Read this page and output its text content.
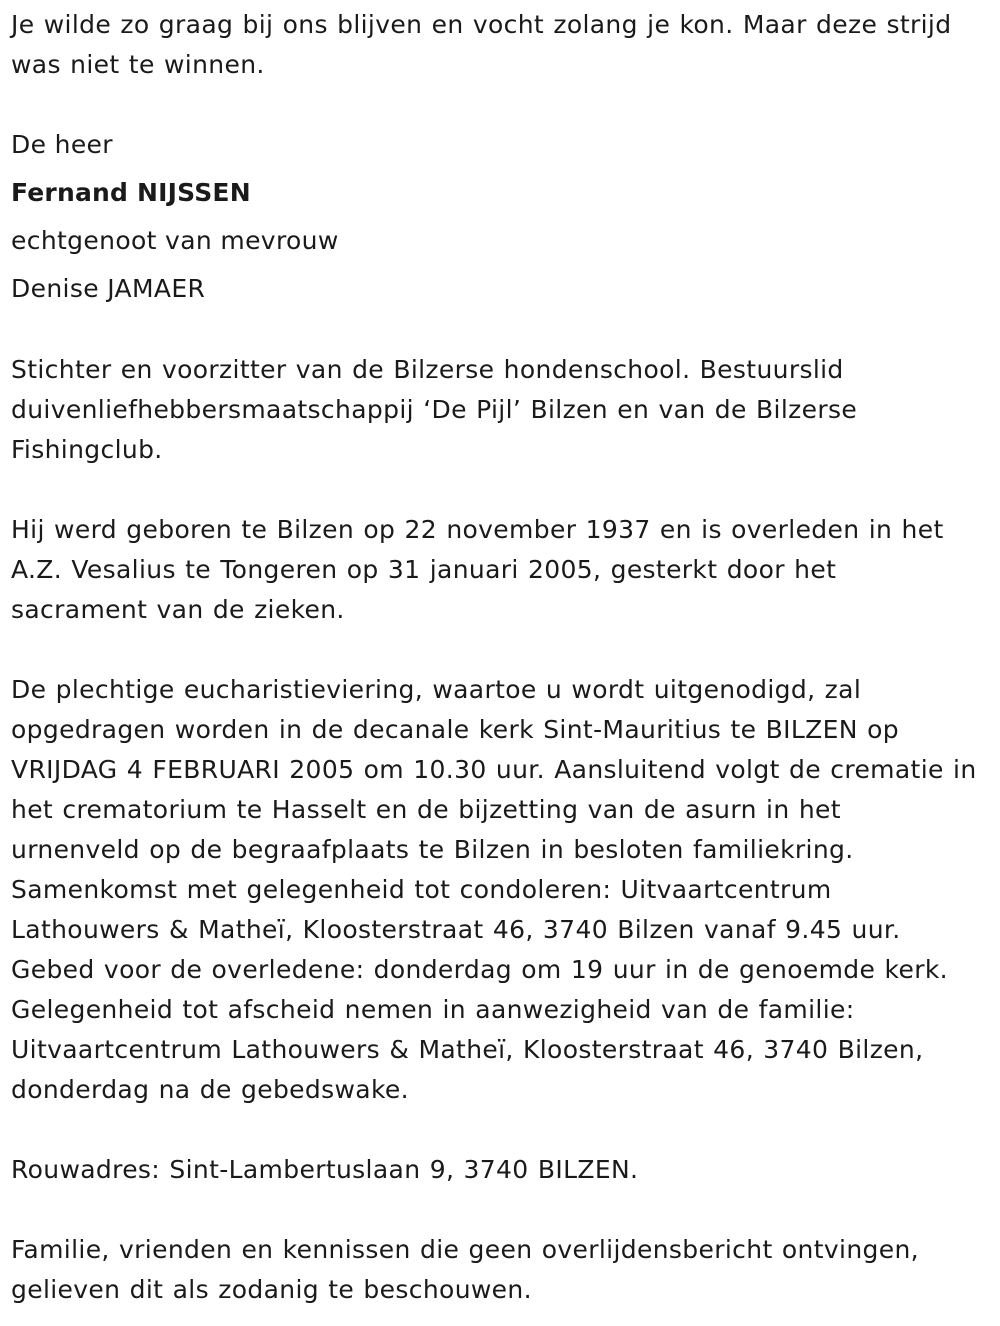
Je wilde zo graag bij ons blijven en vocht zolang je kon. Maar deze strijd
was niet te winnen.

De heer
Fernand NIJSSEN
echtgenoot van mevrouw
Denise JAMAER

Stichter en voorzitter van de Bilzerse hondenschool. Bestuurslid
duivenliefhebbersmaatschappij ‘De Pijl’ Bilzen en van de Bilzerse
Fishingclub.

Hij werd geboren te Bilzen op 22 november 1937 en is overleden in het
A.Z. Vesalius te Tongeren op 31 januari 2005, gesterkt door het
sacrament van de zieken.

De plechtige eucharistieviering, waartoe u wordt uitgenodigd, zal
opgedragen worden in de decanale kerk Sint-Mauritius te BILZEN op
VRIJDAG 4 FEBRUARI 2005 om 10.30 uur. Aansluitend volgt de crematie in
het crematorium te Hasselt en de bijzetting van de asurn in het
urnenveld op de begraafplaats te Bilzen in besloten familiekring.
Samenkomst met gelegenheid tot condoleren: Uitvaartcentrum
Lathouwers & Matheï, Kloosterstraat 46, 3740 Bilzen vanaf 9.45 uur.
Gebed voor de overledene: donderdag om 19 uur in de genoemde kerk.
Gelegenheid tot afscheid nemen in aanwezigheid van de familie:
Uitvaartcentrum Lathouwers & Matheï, Kloosterstraat 46, 3740 Bilzen,
donderdag na de gebedswake.

Rouwadres: Sint-Lambertuslaan 9, 3740 BILZEN.

Familie, vrienden en kennissen die geen overlijdensbericht ontvingen,
gelieven dit als zodanig te beschouwen.
